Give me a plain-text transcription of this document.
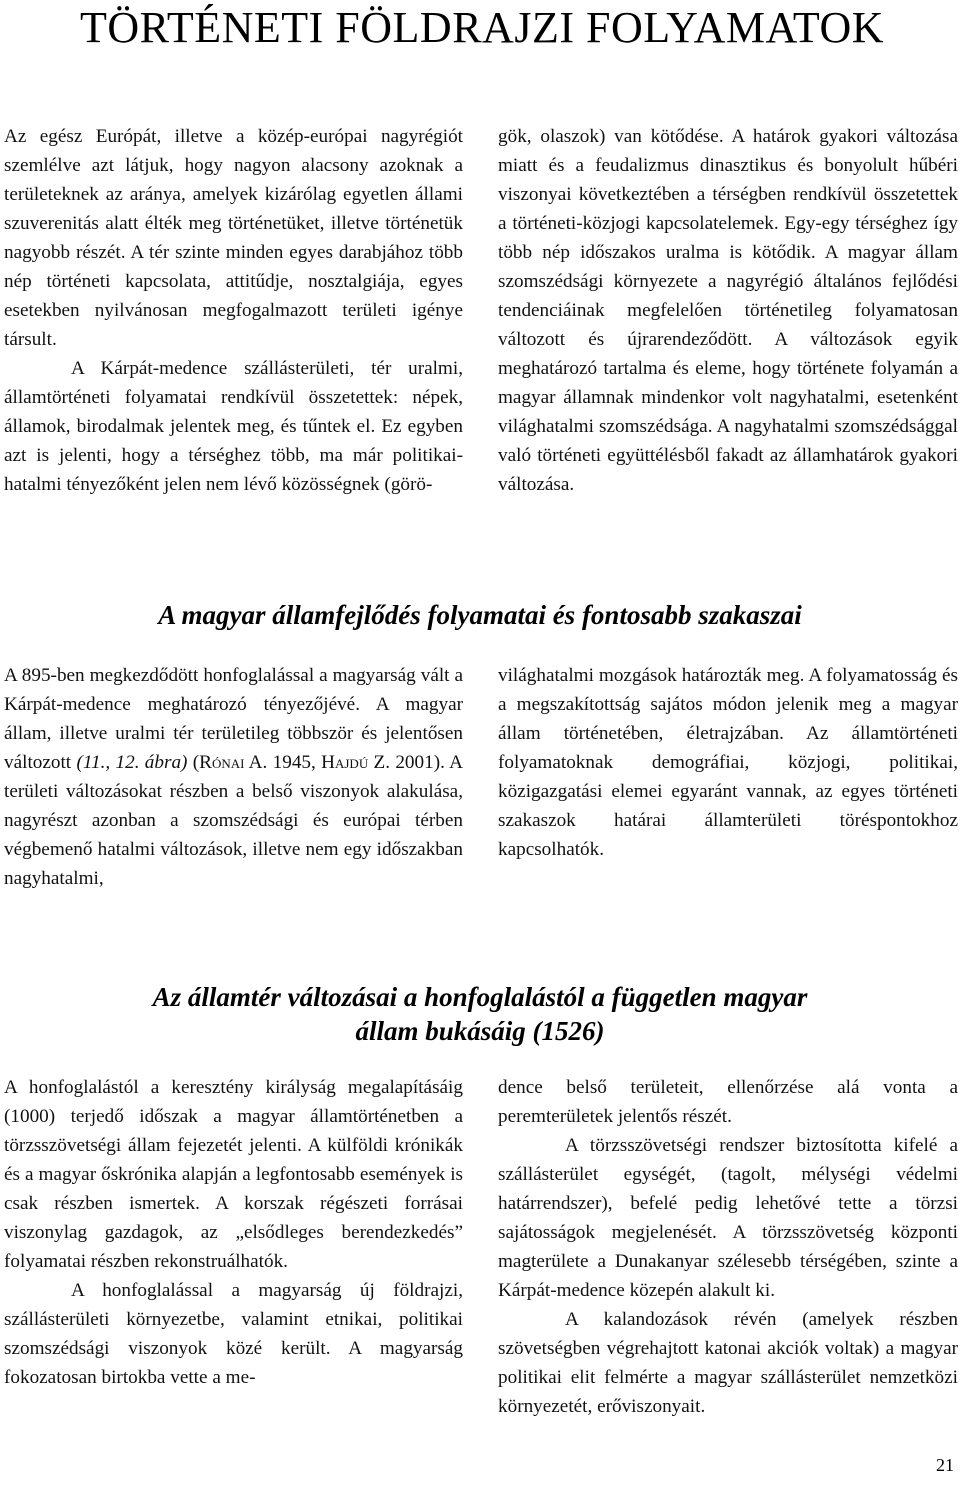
TÖRTÉNETI FÖLDRAJZI FOLYAMATOK

Az egész Európát, illetve a közép-európai nagyrégiót szemlélve azt látjuk, hogy nagyon alacsony azoknak a területeknek az aránya, amelyek kizárólag egyetlen állami szuverenitás alatt élték meg történetüket, illetve történetük nagyobb részét. A tér szinte minden egyes darabjához több nép történeti kapcsolata, attitűdje, nosztalgiája, egyes esetekben nyilvánosan megfogalmazott területi igénye társult.

A Kárpát-medence szállásterületi, tér uralmi, államtörténeti folyamatai rendkívül összetettek: népek, államok, birodalmak jelentek meg, és tűntek el. Ez egyben azt is jelenti, hogy a térséghez több, ma már politikai-hatalmi tényezőként jelen nem lévő közösségnek (görö-

gök, olaszok) van kötődése. A határok gyakori változása miatt és a feudalizmus dinasztikus és bonyolult hűbéri viszonyai következtében a térségben rendkívül összetettek a történeti-közjogi kapcsolatelemek. Egy-egy térséghez így több nép időszakos uralma is kötődik. A magyar állam szomszédsági környezete a nagyrégió általános fejlődési tendenciáinak megfelelően történetileg folyamatosan változott és újrarendeződött. A változások egyik meghatározó tartalma és eleme, hogy története folyamán a magyar államnak mindenkor volt nagyhatalmi, esetenként világhatalmi szomszédsága. A nagyhatalmi szomszédsággal való történeti együttélésből fakadt az államhatárok gyakori változása.

A magyar államfejlődés folyamatai és fontosabb szakaszai

A 895-ben megkezdődött honfoglalással a magyarság vált a Kárpát-medence meghatározó tényezőjévé. A magyar állam, illetve uralmi tér területileg többször és jelentősen változott (11., 12. ábra) (Rónai A. 1945, Hajdú Z. 2001). A területi változásokat részben a belső viszonyok alakulása, nagyrészt azonban a szomszédsági és európai térben végbemenő hatalmi változások, illetve nem egy időszakban nagyhatalmi,

világhatalmi mozgások határozták meg. A folyamatosság és a megszakítottság sajátos módon jelenik meg a magyar állam történetében, életrajzában. Az államtörténeti folyamatoknak demográfiai, közjogi, politikai, közigazgatási elemei egyaránt vannak, az egyes történeti szakaszok határai államterületi töréspontokhoz kapcsolhatók.

Az államtér változásai a honfoglalástól a független magyar
állam bukásáig (1526)

A honfoglalástól a keresztény királyság megalapításáig (1000) terjedő időszak a magyar államtörténetben a törzsszövetségi állam fejezetét jelenti. A külföldi krónikák és a magyar őskrónika alapján a legfontosabb események is csak részben ismertek. A korszak régészeti forrásai viszonylag gazdagok, az „elsődleges berendezkedés” folyamatai részben rekonstruálhatók.

A honfoglalással a magyarság új földrajzi, szállásterületi környezetbe, valamint etnikai, politikai szomszédsági viszonyok közé került. A magyarság fokozatosan birtokba vette a me-

dence belső területeit, ellenőrzése alá vonta a peremterületek jelentős részét.

A törzsszövetségi rendszer biztosította kifelé a szállásterület egységét, (tagolt, mélységi védelmi határrendszer), befelé pedig lehetővé tette a törzsi sajátosságok megjelenését. A törzsszövetség központi magterülete a Dunakanyar szélesebb térségében, szinte a Kárpát-medence közepén alakult ki.

A kalandozások révén (amelyek részben szövetségben végrehajtott katonai akciók voltak) a magyar politikai elit felmérte a magyar szállásterület nemzetközi környezetét, erőviszonyait.

21
